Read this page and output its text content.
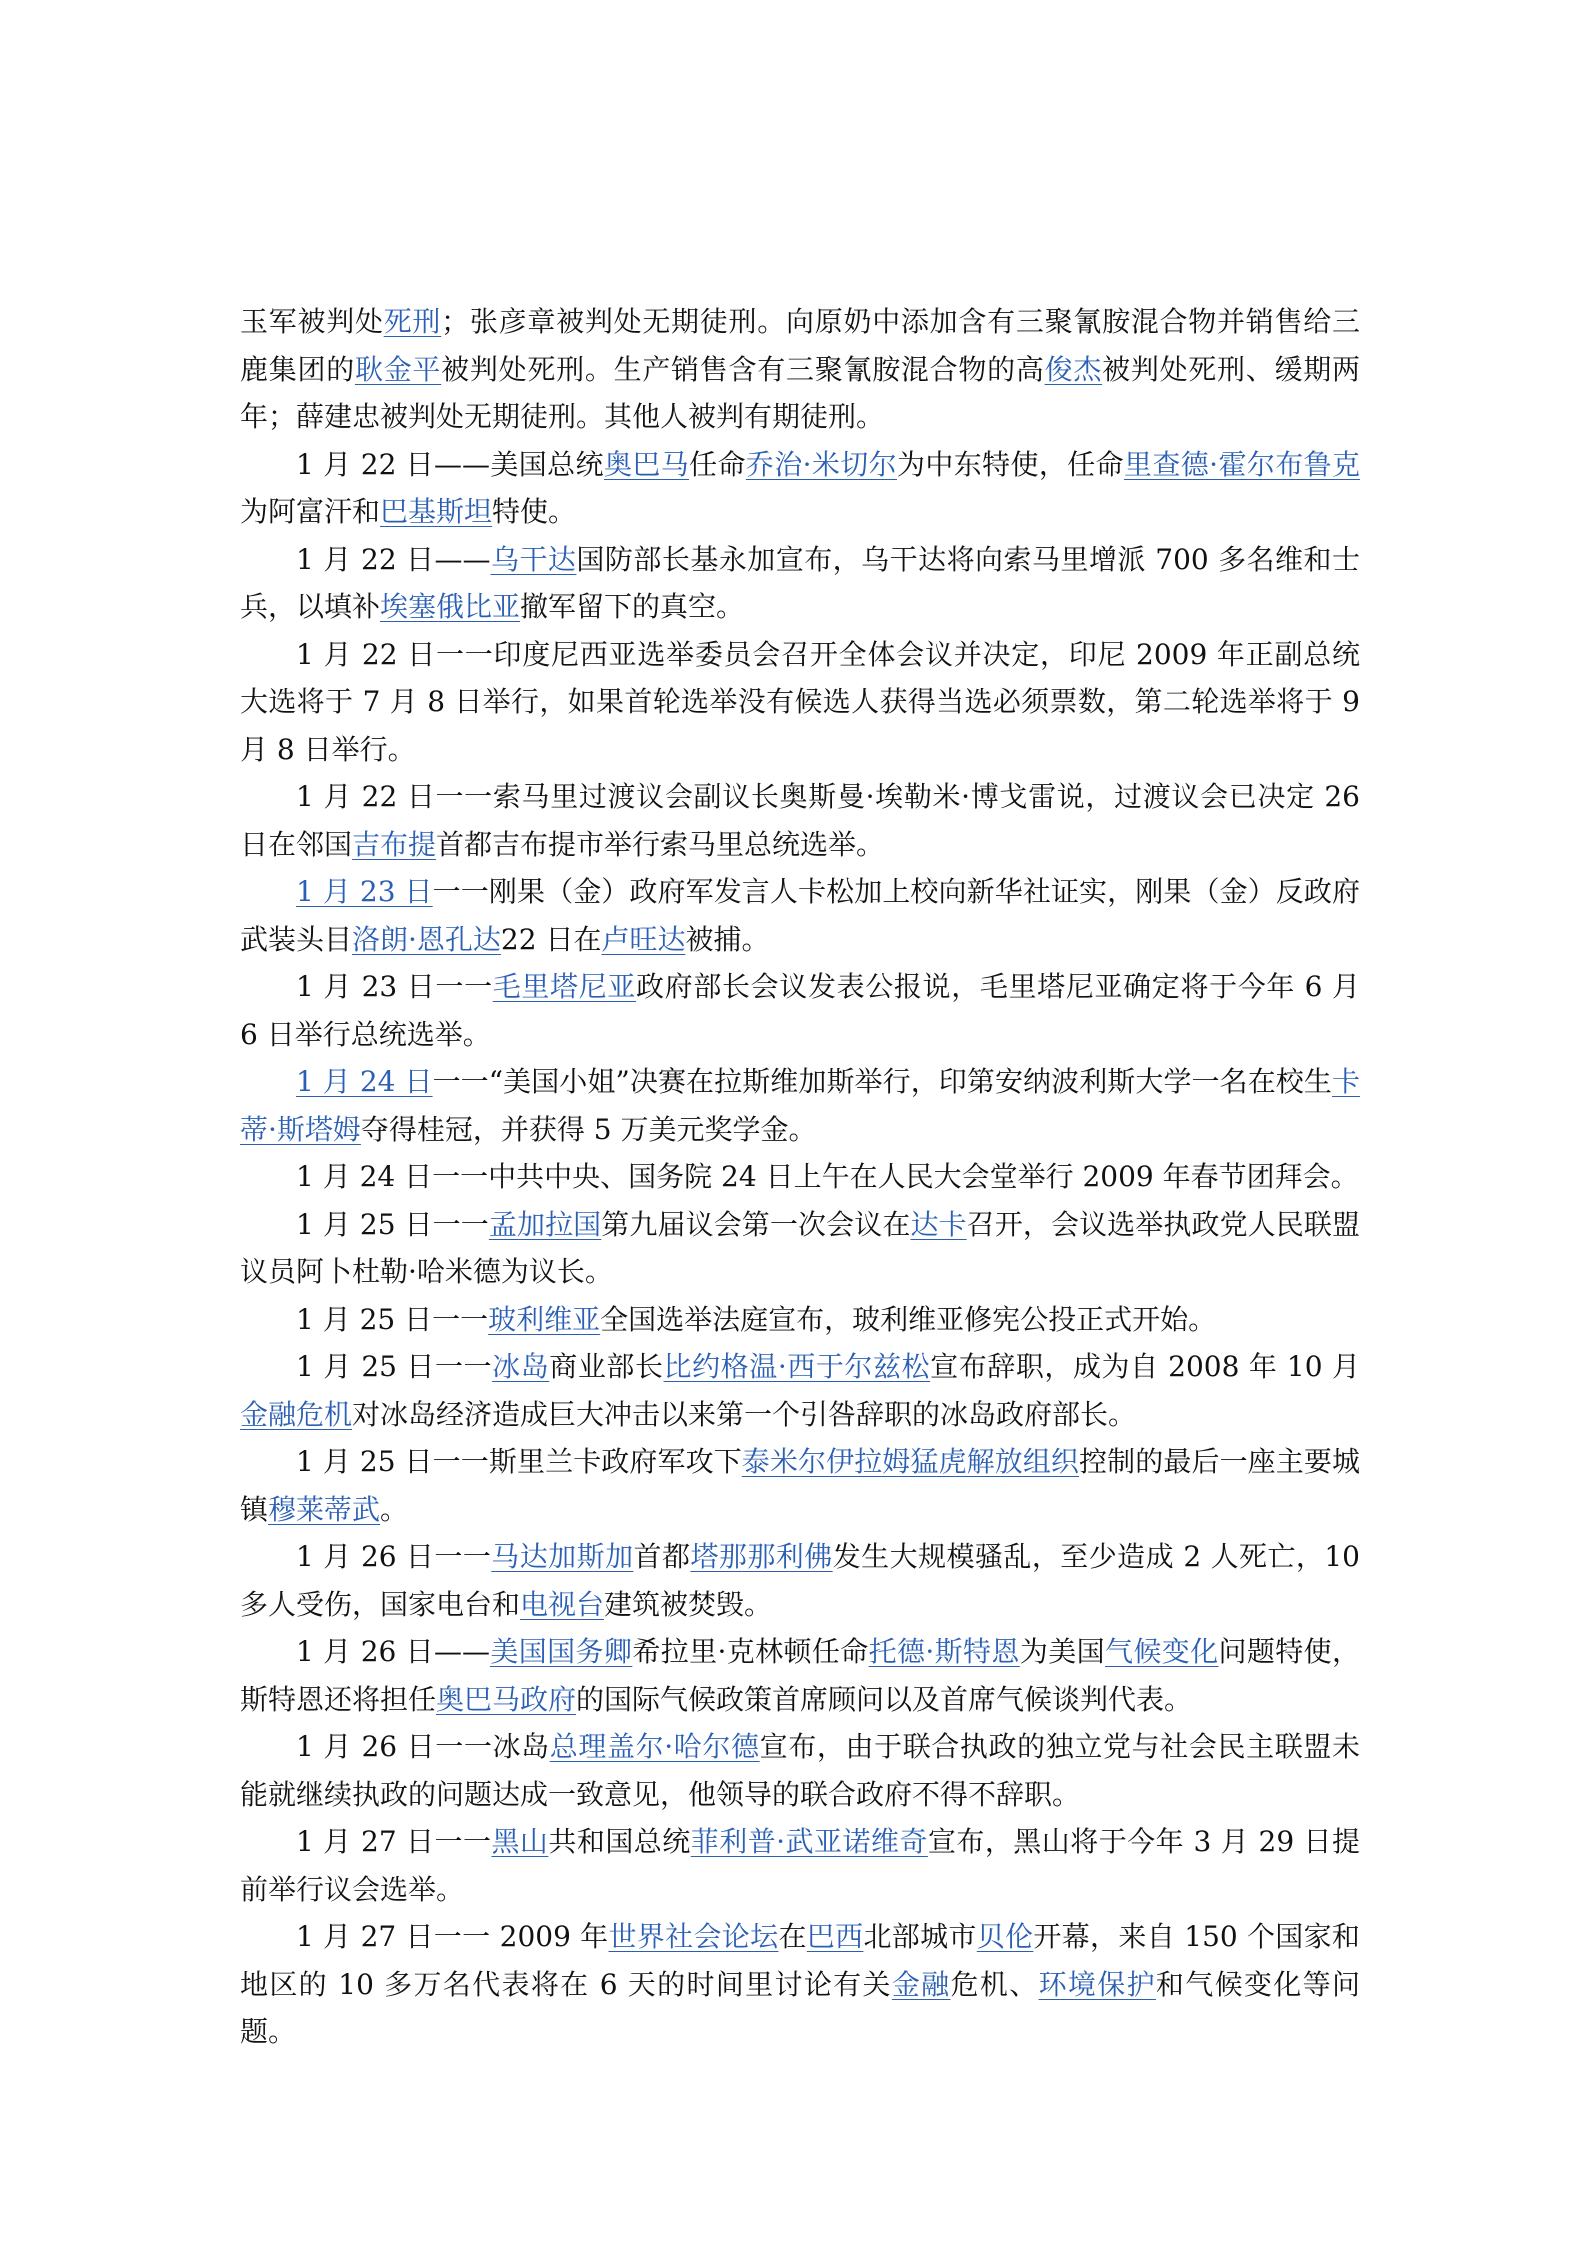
玉军被判处死刑；张彦章被判处无期徒刑。向原奶中添加含有三聚氰胺混合物并销售给三鹿集团的耿金平被判处死刑。生产销售含有三聚氰胺混合物的高俊杰被判处死刑、缓期两年；薛建忠被判处无期徒刑。其他人被判有期徒刑。

1 月 22 日——美国总统奥巴马任命乔治·米切尔为中东特使，任命里查德·霍尔布鲁克为阿富汗和巴基斯坦特使。

1 月 22 日——乌干达国防部长基永加宣布，乌干达将向索马里增派 700 多名维和士兵，以填补埃塞俄比亚撤军留下的真空。

1 月 22 日一一印度尼西亚选举委员会召开全体会议并决定，印尼 2009 年正副总统大选将于 7 月 8 日举行，如果首轮选举没有候选人获得当选必须票数，第二轮选举将于 9 月 8 日举行。

1 月 22 日一一索马里过渡议会副议长奥斯曼·埃勒米·博戈雷说，过渡议会已决定 26 日在邻国吉布提首都吉布提市举行索马里总统选举。

1 月 23 日一一刚果（金）政府军发言人卡松加上校向新华社证实，刚果（金）反政府武装头目洛朗·恩孔达22 日在卢旺达被捕。

1 月 23 日一一毛里塔尼亚政府部长会议发表公报说，毛里塔尼亚确定将于今年 6 月 6 日举行总统选举。

1 月 24 日一一“美国小姐”决赛在拉斯维加斯举行，印第安纳波利斯大学一名在校生卡蒂·斯塔姆夺得桂冠，并获得 5 万美元奖学金。

1 月 24 日一一中共中央、国务院 24 日上午在人民大会堂举行 2009 年春节团拜会。

1 月 25 日一一孟加拉国第九届议会第一次会议在达卡召开，会议选举执政党人民联盟议员阿卜杜勒·哈米德为议长。

1 月 25 日一一玻利维亚全国选举法庭宣布，玻利维亚修宪公投正式开始。

1 月 25 日一一冰岛商业部长比约格温·西于尔兹松宣布辞职，成为自 2008 年 10 月金融危机对冰岛经济造成巨大冲击以来第一个引咎辞职的冰岛政府部长。

1 月 25 日一一斯里兰卡政府军攻下泰米尔伊拉姆猛虎解放组织控制的最后一座主要城镇穆莱蒂武。

1 月 26 日一一马达加斯加首都塔那那利佛发生大规模骚乱，至少造成 2 人死亡，10 多人受伤，国家电台和电视台建筑被焚毁。

1 月 26 日——美国国务卿希拉里·克林顿任命托德·斯特恩为美国气候变化问题特使，斯特恩还将担任奥巴马政府的国际气候政策首席顾问以及首席气候谈判代表。

1 月 26 日一一冰岛总理盖尔·哈尔德宣布，由于联合执政的独立党与社会民主联盟未能就继续执政的问题达成一致意见，他领导的联合政府不得不辞职。

1 月 27 日一一黑山共和国总统菲利普·武亚诺维奇宣布，黑山将于今年 3 月 29 日提前举行议会选举。

1 月 27 日一一 2009 年世界社会论坛在巴西北部城市贝伦开幕，来自 150 个国家和地区的 10 多万名代表将在 6 天的时间里讨论有关金融危机、环境保护和气候变化等问题。
